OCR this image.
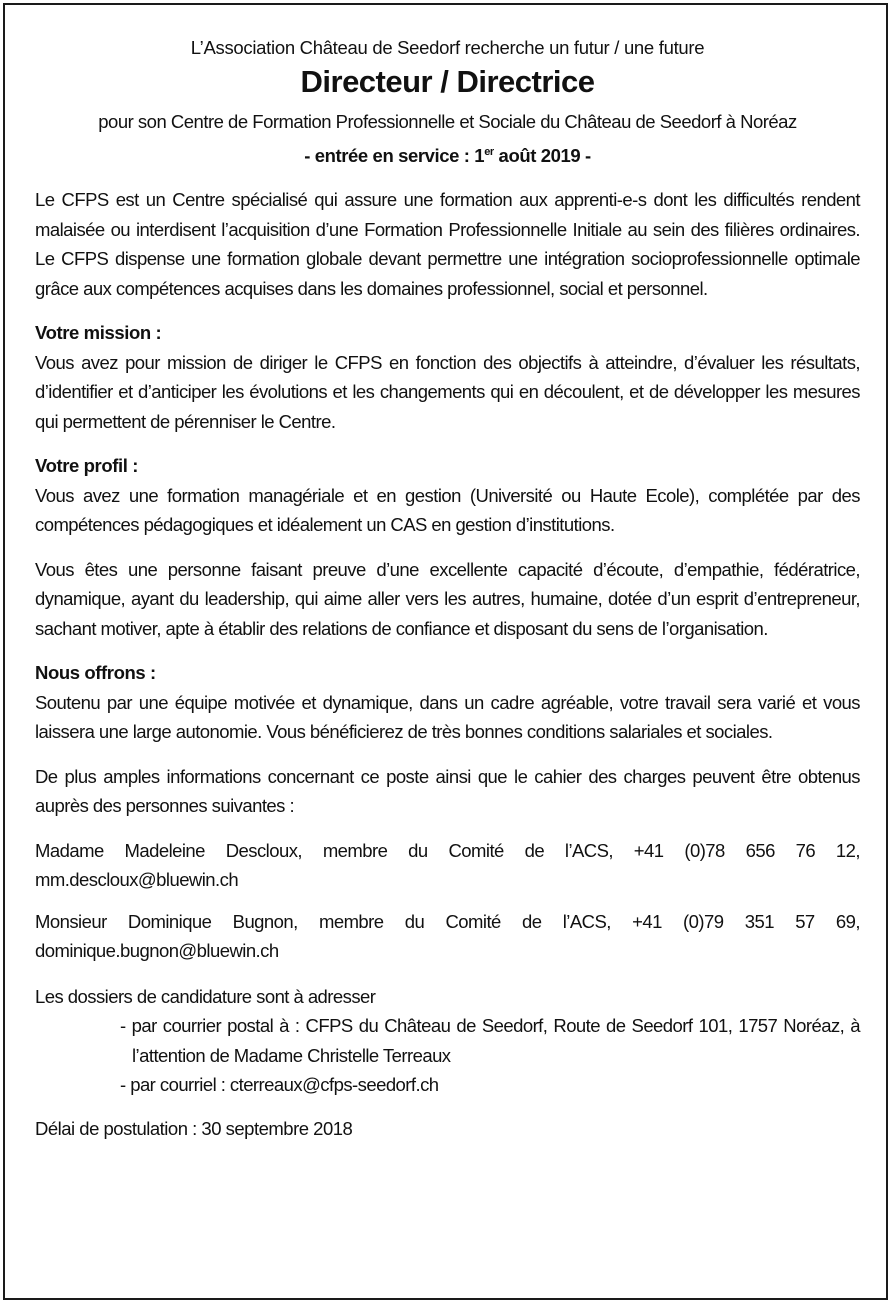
L’Association Château de Seedorf recherche un futur / une future

Directeur / Directrice

pour son Centre de Formation Professionnelle et Sociale du Château de Seedorf à Noréaz

- entrée en service : 1er août 2019 -

Le CFPS est un Centre spécialisé qui assure une formation aux apprenti-e-s dont les difficultés rendent malaisée ou interdisent l’acquisition d’une Formation Professionnelle Initiale au sein des filières ordinaires. Le CFPS dispense une formation globale devant permettre une intégration socioprofessionnelle optimale grâce aux compétences acquises dans les domaines professionnel, social et personnel.

Votre mission :

Vous avez pour mission de diriger le CFPS en fonction des objectifs à atteindre, d’évaluer les résultats, d’identifier et d’anticiper les évolutions et les changements qui en découlent, et de développer les mesures qui permettent de pérenniser le Centre.

Votre profil :

Vous avez une formation managériale et en gestion (Université ou Haute Ecole), complétée par des compétences pédagogiques et idéalement un CAS en gestion d’institutions.

Vous êtes une personne faisant preuve d’une excellente capacité d’écoute, d’empathie, fédératrice, dynamique, ayant du leadership, qui aime aller vers les autres, humaine, dotée d’un esprit d’entrepreneur, sachant motiver, apte à établir des relations de confiance et disposant du sens de l’organisation.

Nous offrons :

Soutenu par une équipe motivée et dynamique, dans un cadre agréable, votre travail sera varié et vous laissera une large autonomie. Vous bénéficierez de très bonnes conditions salariales et sociales.

De plus amples informations concernant ce poste ainsi que le cahier des charges peuvent être obtenus auprès des personnes suivantes :

Madame Madeleine Descloux, membre du Comité de l’ACS, +41 (0)78 656 76 12, mm.descloux@bluewin.ch

Monsieur Dominique Bugnon, membre du Comité de l’ACS, +41 (0)79 351 57 69, dominique.bugnon@bluewin.ch

Les dossiers de candidature sont à adresser

- par courrier postal à : CFPS du Château de Seedorf, Route de Seedorf 101, 1757 Noréaz, à l’attention de Madame Christelle Terreaux
- par courriel : cterreaux@cfps-seedorf.ch

Délai de postulation : 30 septembre 2018
